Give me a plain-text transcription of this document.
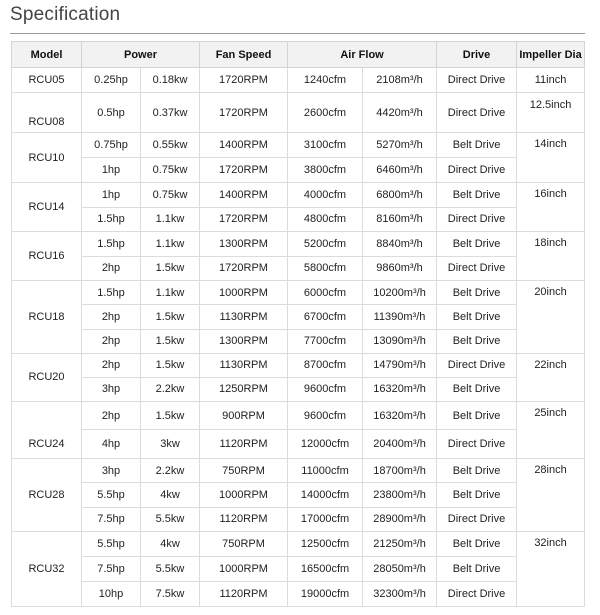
Specification
Model	Power		Fan Speed	Air Flow		Drive	Impeller Dia
RCU05	0.25hp	0.18kw	1720RPM	1240cfm	2108m³/h	Direct Drive	11inch
RCU08	0.5hp	0.37kw	1720RPM	2600cfm	4420m³/h	Direct Drive	12.5inch
RCU10	0.75hp	0.55kw	1400RPM	3100cfm	5270m³/h	Belt Drive	14inch
	1hp	0.75kw	1720RPM	3800cfm	6460m³/h	Direct Drive	
RCU14	1hp	0.75kw	1400RPM	4000cfm	6800m³/h	Belt Drive	16inch
	1.5hp	1.1kw	1720RPM	4800cfm	8160m³/h	Direct Drive	
RCU16	1.5hp	1.1kw	1300RPM	5200cfm	8840m³/h	Belt Drive	18inch
	2hp	1.5kw	1720RPM	5800cfm	9860m³/h	Direct Drive	
RCU18	1.5hp	1.1kw	1000RPM	6000cfm	10200m³/h	Belt Drive	20inch
	2hp	1.5kw	1130RPM	6700cfm	11390m³/h	Belt Drive	
	2hp	1.5kw	1300RPM	7700cfm	13090m³/h	Belt Drive	
RCU20	2hp	1.5kw	1130RPM	8700cfm	14790m³/h	Direct Drive	22inch
	3hp	2.2kw	1250RPM	9600cfm	16320m³/h	Belt Drive	
RCU24	2hp	1.5kw	900RPM	9600cfm	16320m³/h	Belt Drive	25inch
	4hp	3kw	1120RPM	12000cfm	20400m³/h	Direct Drive	
RCU28	3hp	2.2kw	750RPM	11000cfm	18700m³/h	Belt Drive	28inch
	5.5hp	4kw	1000RPM	14000cfm	23800m³/h	Belt Drive	
	7.5hp	5.5kw	1120RPM	17000cfm	28900m³/h	Direct Drive	
RCU32	5.5hp	4kw	750RPM	12500cfm	21250m³/h	Belt Drive	32inch
	7.5hp	5.5kw	1000RPM	16500cfm	28050m³/h	Belt Drive	
	10hp	7.5kw	1120RPM	19000cfm	32300m³/h	Direct Drive	
